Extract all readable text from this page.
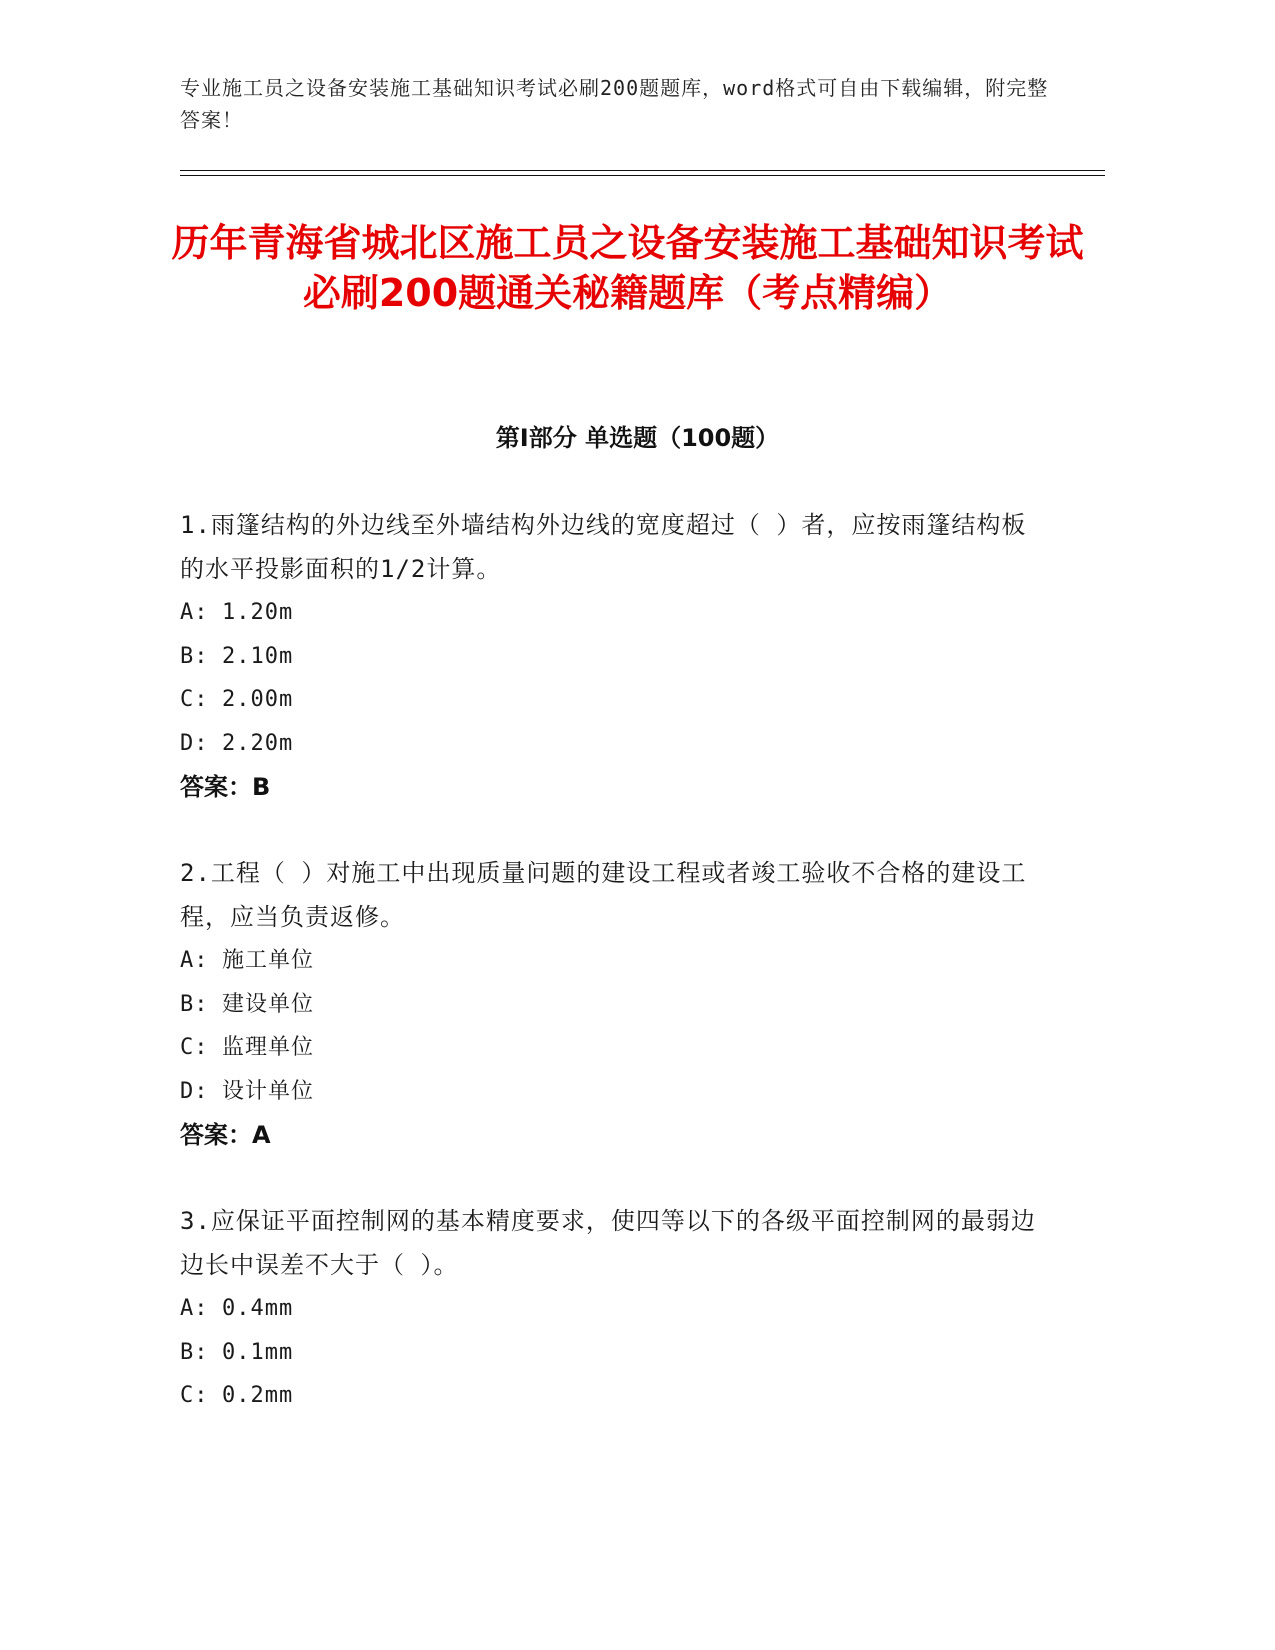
专业施工员之设备安装施工基础知识考试必刷200题题库，word格式可自由下载编辑，附完整答案！
历年青海省城北区施工员之设备安装施工基础知识考试必刷200题通关秘籍题库（考点精编）
第Ⅰ部分 单选题（100题）
1.雨篷结构的外边线至外墙结构外边线的宽度超过（ ）者，应按雨篷结构板的水平投影面积的1/2计算。
A: 1.20m
B: 2.10m
C: 2.00m
D: 2.20m
答案：B
2.工程（ ）对施工中出现质量问题的建设工程或者竣工验收不合格的建设工程，应当负责返修。
A: 施工单位
B: 建设单位
C: 监理单位
D: 设计单位
答案：A
3.应保证平面控制网的基本精度要求，使四等以下的各级平面控制网的最弱边边长中误差不大于（ ）。
A: 0.4mm
B: 0.1mm
C: 0.2mm
